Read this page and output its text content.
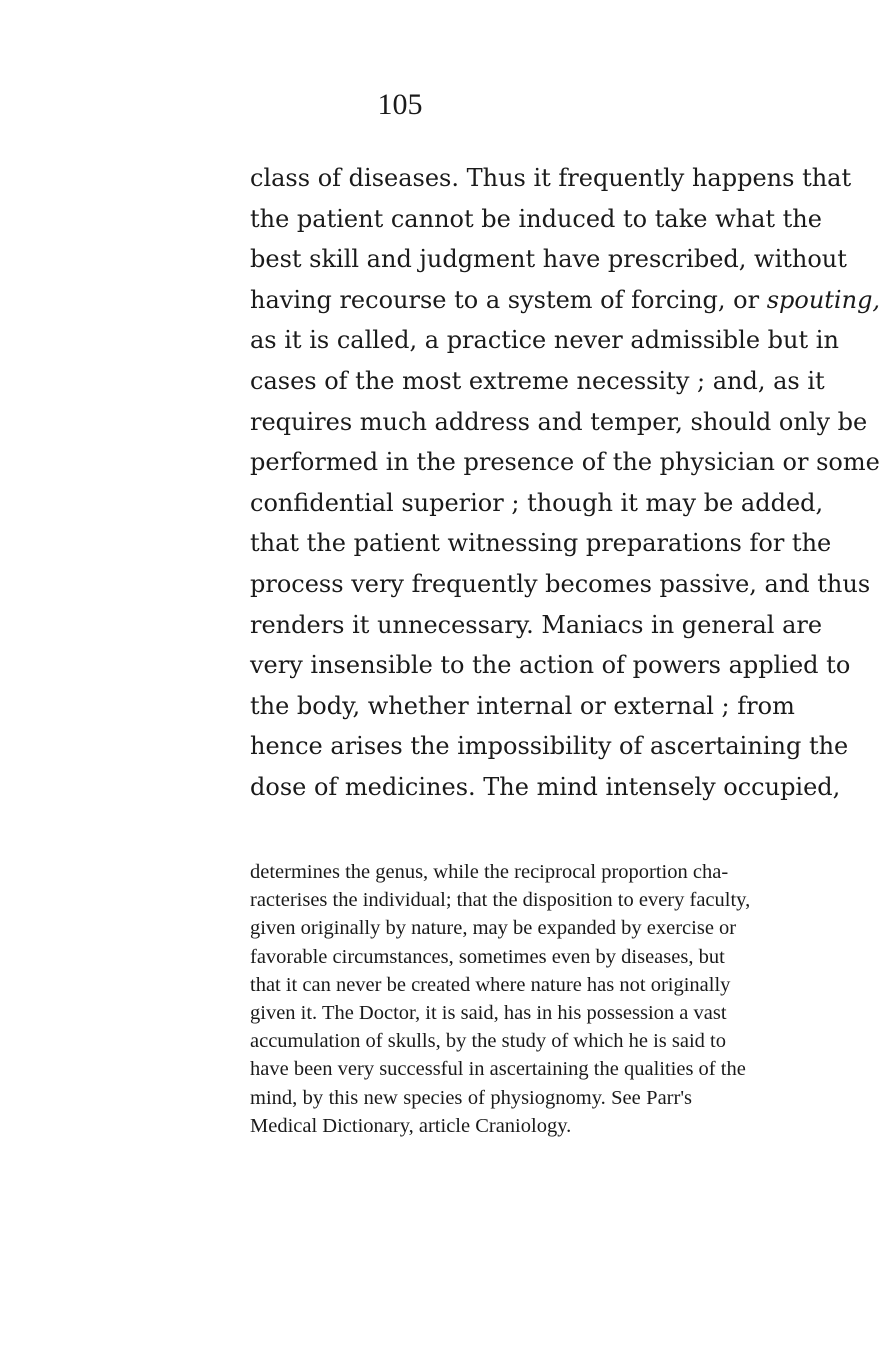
105
class of diseases. Thus it frequently happens that
the patient cannot be induced to take what the
best skill and judgment have prescribed, without
having recourse to a system of forcing, or spouting,
as it is called, a practice never admissible but in
cases of the most extreme necessity ; and, as it
requires much address and temper, should only be
performed in the presence of the physician or some
confidential superior ; though it may be added,
that the patient witnessing preparations for the
process very frequently becomes passive, and thus
renders it unnecessary. Maniacs in general are
very insensible to the action of powers applied to
the body, whether internal or external ; from
hence arises the impossibility of ascertaining the
dose of medicines. The mind intensely occupied,
determines the genus, while the reciprocal proportion cha-
racterises the individual; that the disposition to every faculty,
given originally by nature, may be expanded by exercise or
favorable circumstances, sometimes even by diseases, but
that it can never be created where nature has not originally
given it. The Doctor, it is said, has in his possession a vast
accumulation of skulls, by the study of which he is said to
have been very successful in ascertaining the qualities of the
mind, by this new species of physiognomy. See Parr's
Medical Dictionary, article Craniology.
